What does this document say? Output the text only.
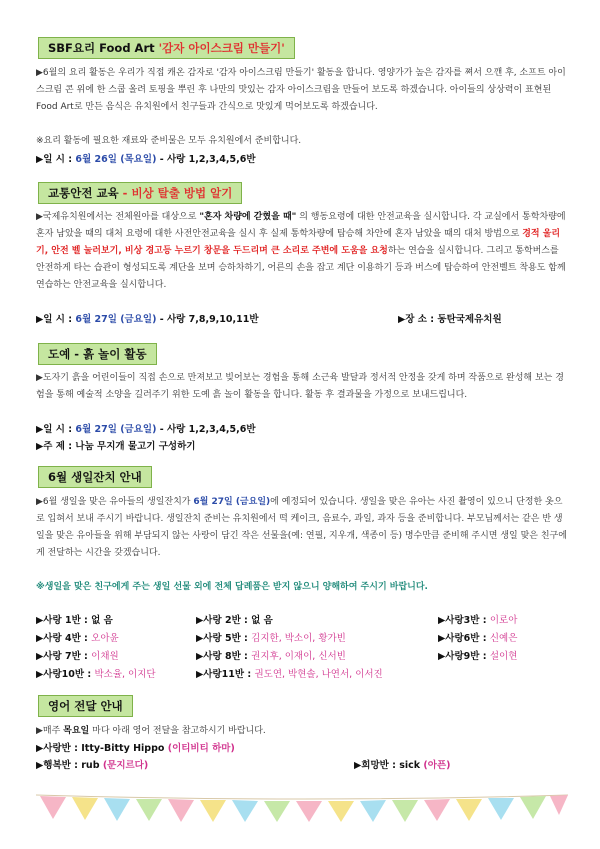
SBF요리 Food Art '감자 아이스크림 만들기'
▶6월의 요리 활동은 우리가 직접 캐온 감자로 '감자 아이스크림 만들기' 활동을 합니다. 영양가가 높은 감자를 쪄서 으깬 후, 소프트 아이스크림 콘 위에 한 스쿱 올려 토핑을 뿌린 후 나만의 맛있는 감자 아이스크림을 만들어 보도록 하겠습니다. 아이들의 상상력이 표현된 Food Art로 만든 음식은 유치원에서 친구들과 간식으로 맛있게 먹어보도록 하겠습니다.
※요리 활동에 필요한 재료와 준비물은 모두 유치원에서 준비합니다.
▶일 시 : 6월 26일 (목요일) - 사랑 1,2,3,4,5,6반
교통안전 교육 - 비상 탈출 방법 알기
▶국제유치원에서는 전체원아를 대상으로 "혼자 차량에 갇혔을 때" 의 행동요령에 대한 안전교육을 실시합니다. 각 교실에서 통학차량에 혼자 남았을 때의 대처 요령에 대한 사전안전교육을 실시 후 실제 통학차량에 탑승해 차안에 혼자 남았을 때의 대처 방법으로 경적 울리기, 안전 벨 눌러보기, 비상 경고등 누르기 창문을 두드리며 큰 소리로 주변에 도움을 요청하는 연습을 실시합니다. 그리고 통학버스를 안전하게 타는 습관이 형성되도록 계단을 보며 승하차하기, 어른의 손을 잡고 계단 이용하기 등과 버스에 탑승하여 안전벨트 착용도 함께 연습하는 안전교육을 실시합니다.
▶일 시 : 6월 27일 (금요일) - 사랑 7,8,9,10,11반	▶장 소 : 동탄국제유치원
도예 - 흙 놀이 활동
▶도자기 흙을 어린이들이 직접 손으로 만져보고 빚어보는 경험을 통해 소근육 발달과 정서적 안정을 갖게 하며 작품으로 완성해 보는 경험을 통해 예술적 소양을 길러주기 위한 도예 흙 놀이 활동을 합니다. 활동 후 결과물을 가정으로 보내드립니다.
▶일 시 : 6월 27일 (금요일) - 사랑 1,2,3,4,5,6반
▶주 제 : 나눔 무지개 물고기 구성하기
6월 생일잔치 안내
▶6월 생일을 맞은 유아들의 생일잔치가 6월 27일 (금요일)에 예정되어 있습니다. 생일을 맞은 유아는 사진 촬영이 있으니 단정한 옷으로 입혀서 보내 주시기 바랍니다. 생일잔치 준비는 유치원에서 떡 케이크, 음료수, 과일, 과자 등을 준비합니다. 부모님께서는 같은 반 생일을 맞은 유아들을 위해 부담되지 않는 사랑이 담긴 작은 선물을(예: 연필, 지우개, 색종이 등) 명수만큼 준비해 주시면 생일 맞은 친구에게 전달하는 시간을 갖겠습니다.
※생일을 맞은 친구에게 주는 생일 선물 외에 전체 답례품은 받지 않으니 양해하여 주시기 바랍니다.
▶사랑 1반 : 없 음	▶사랑 2반 : 없 음	▶사랑3반 : 이로아
▶사랑 4반 : 오아윤	▶사랑 5반 : 김지한, 박소이, 황가빈	▶사랑6반 : 신예은
▶사랑 7반 : 이채원	▶사랑 8반 : 권지후, 이재이, 신서빈	▶사랑9반 : 설이현
▶사랑10반 : 박소율, 이지단	▶사랑11반 : 권도연, 박현솔, 나연서, 이서진
영어 전달 안내
▶매주 목요일 마다 아래 영어 전달을 참고하시기 바랍니다.
▶사랑반 : Itty-Bitty Hippo (이티비티 하마)
▶행복반 : rub (문지르다)	▶희망반 : sick (아픈)
